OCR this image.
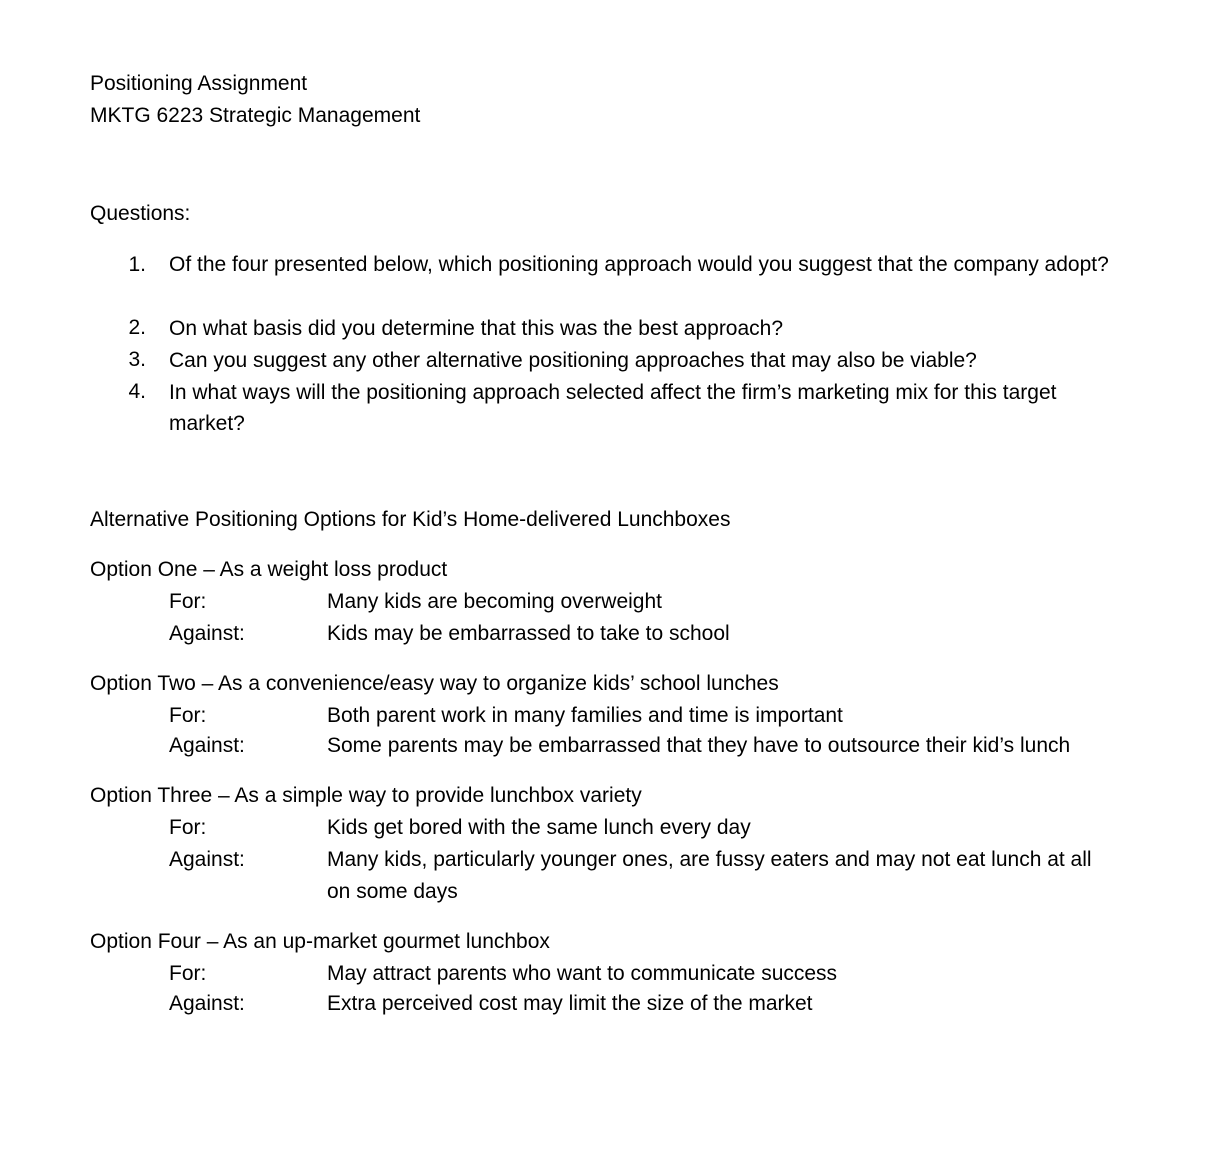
Positioning Assignment
MKTG 6223 Strategic Management
Questions:
1. Of the four presented below, which positioning approach would you suggest that the company adopt?
2. On what basis did you determine that this was the best approach?
3. Can you suggest any other alternative positioning approaches that may also be viable?
4. In what ways will the positioning approach selected affect the firm’s marketing mix for this target market?
Alternative Positioning Options for Kid’s Home-delivered Lunchboxes
Option One – As a weight loss product
For:	Many kids are becoming overweight
Against:	Kids may be embarrassed to take to school
Option Two – As a convenience/easy way to organize kids’ school lunches
For:	Both parent work in many families and time is important
Against:	Some parents may be embarrassed that they have to outsource their kid’s lunch
Option Three – As a simple way to provide lunchbox variety
For:	Kids get bored with the same lunch every day
Against:	Many kids, particularly younger ones, are fussy eaters and may not eat lunch at all on some days
Option Four – As an up-market gourmet lunchbox
For:	May attract parents who want to communicate success
Against:	Extra perceived cost may limit the size of the market
